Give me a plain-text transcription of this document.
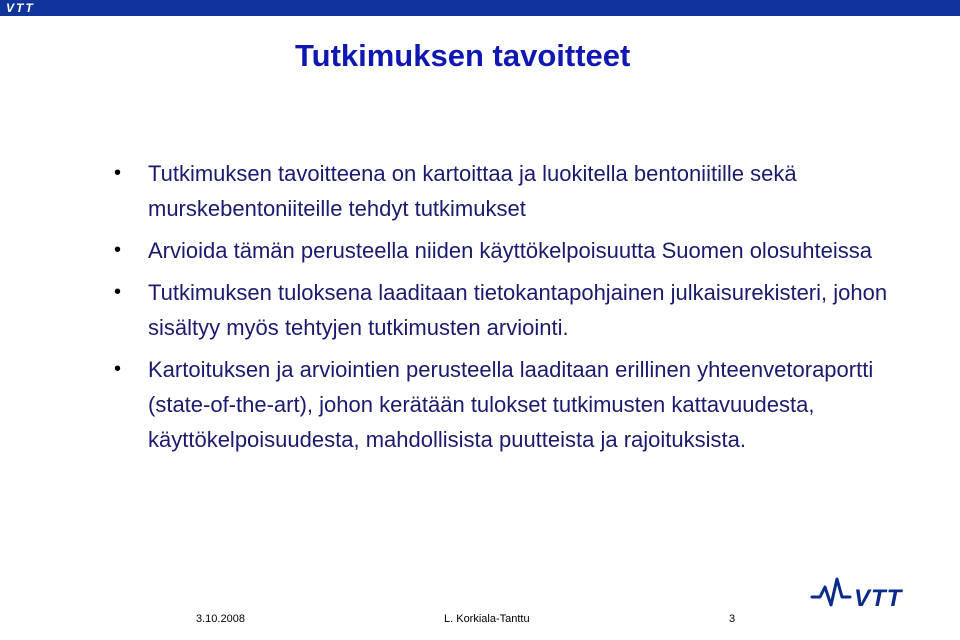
VTT
Tutkimuksen tavoitteet
• Tutkimuksen tavoitteena on kartoittaa ja luokitella bentoniitille sekä murskebentoniiteille tehdyt tutkimukset
• Arvioida tämän perusteella niiden käyttökelpoisuutta Suomen olosuhteissa
• Tutkimuksen tuloksena laaditaan tietokantapohjainen julkaisurekisteri, johon sisältyy myös tehtyjen tutkimusten arviointi.
• Kartoituksen ja arviointien perusteella laaditaan erillinen yhteenvetoraportti (state-of-the-art), johon kerätään tulokset tutkimusten kattavuudesta, käyttökelpoisuudesta, mahdollisista puutteista ja rajoituksista.
VTT
3.10.2008	L. Korkiala-Tanttu	3
